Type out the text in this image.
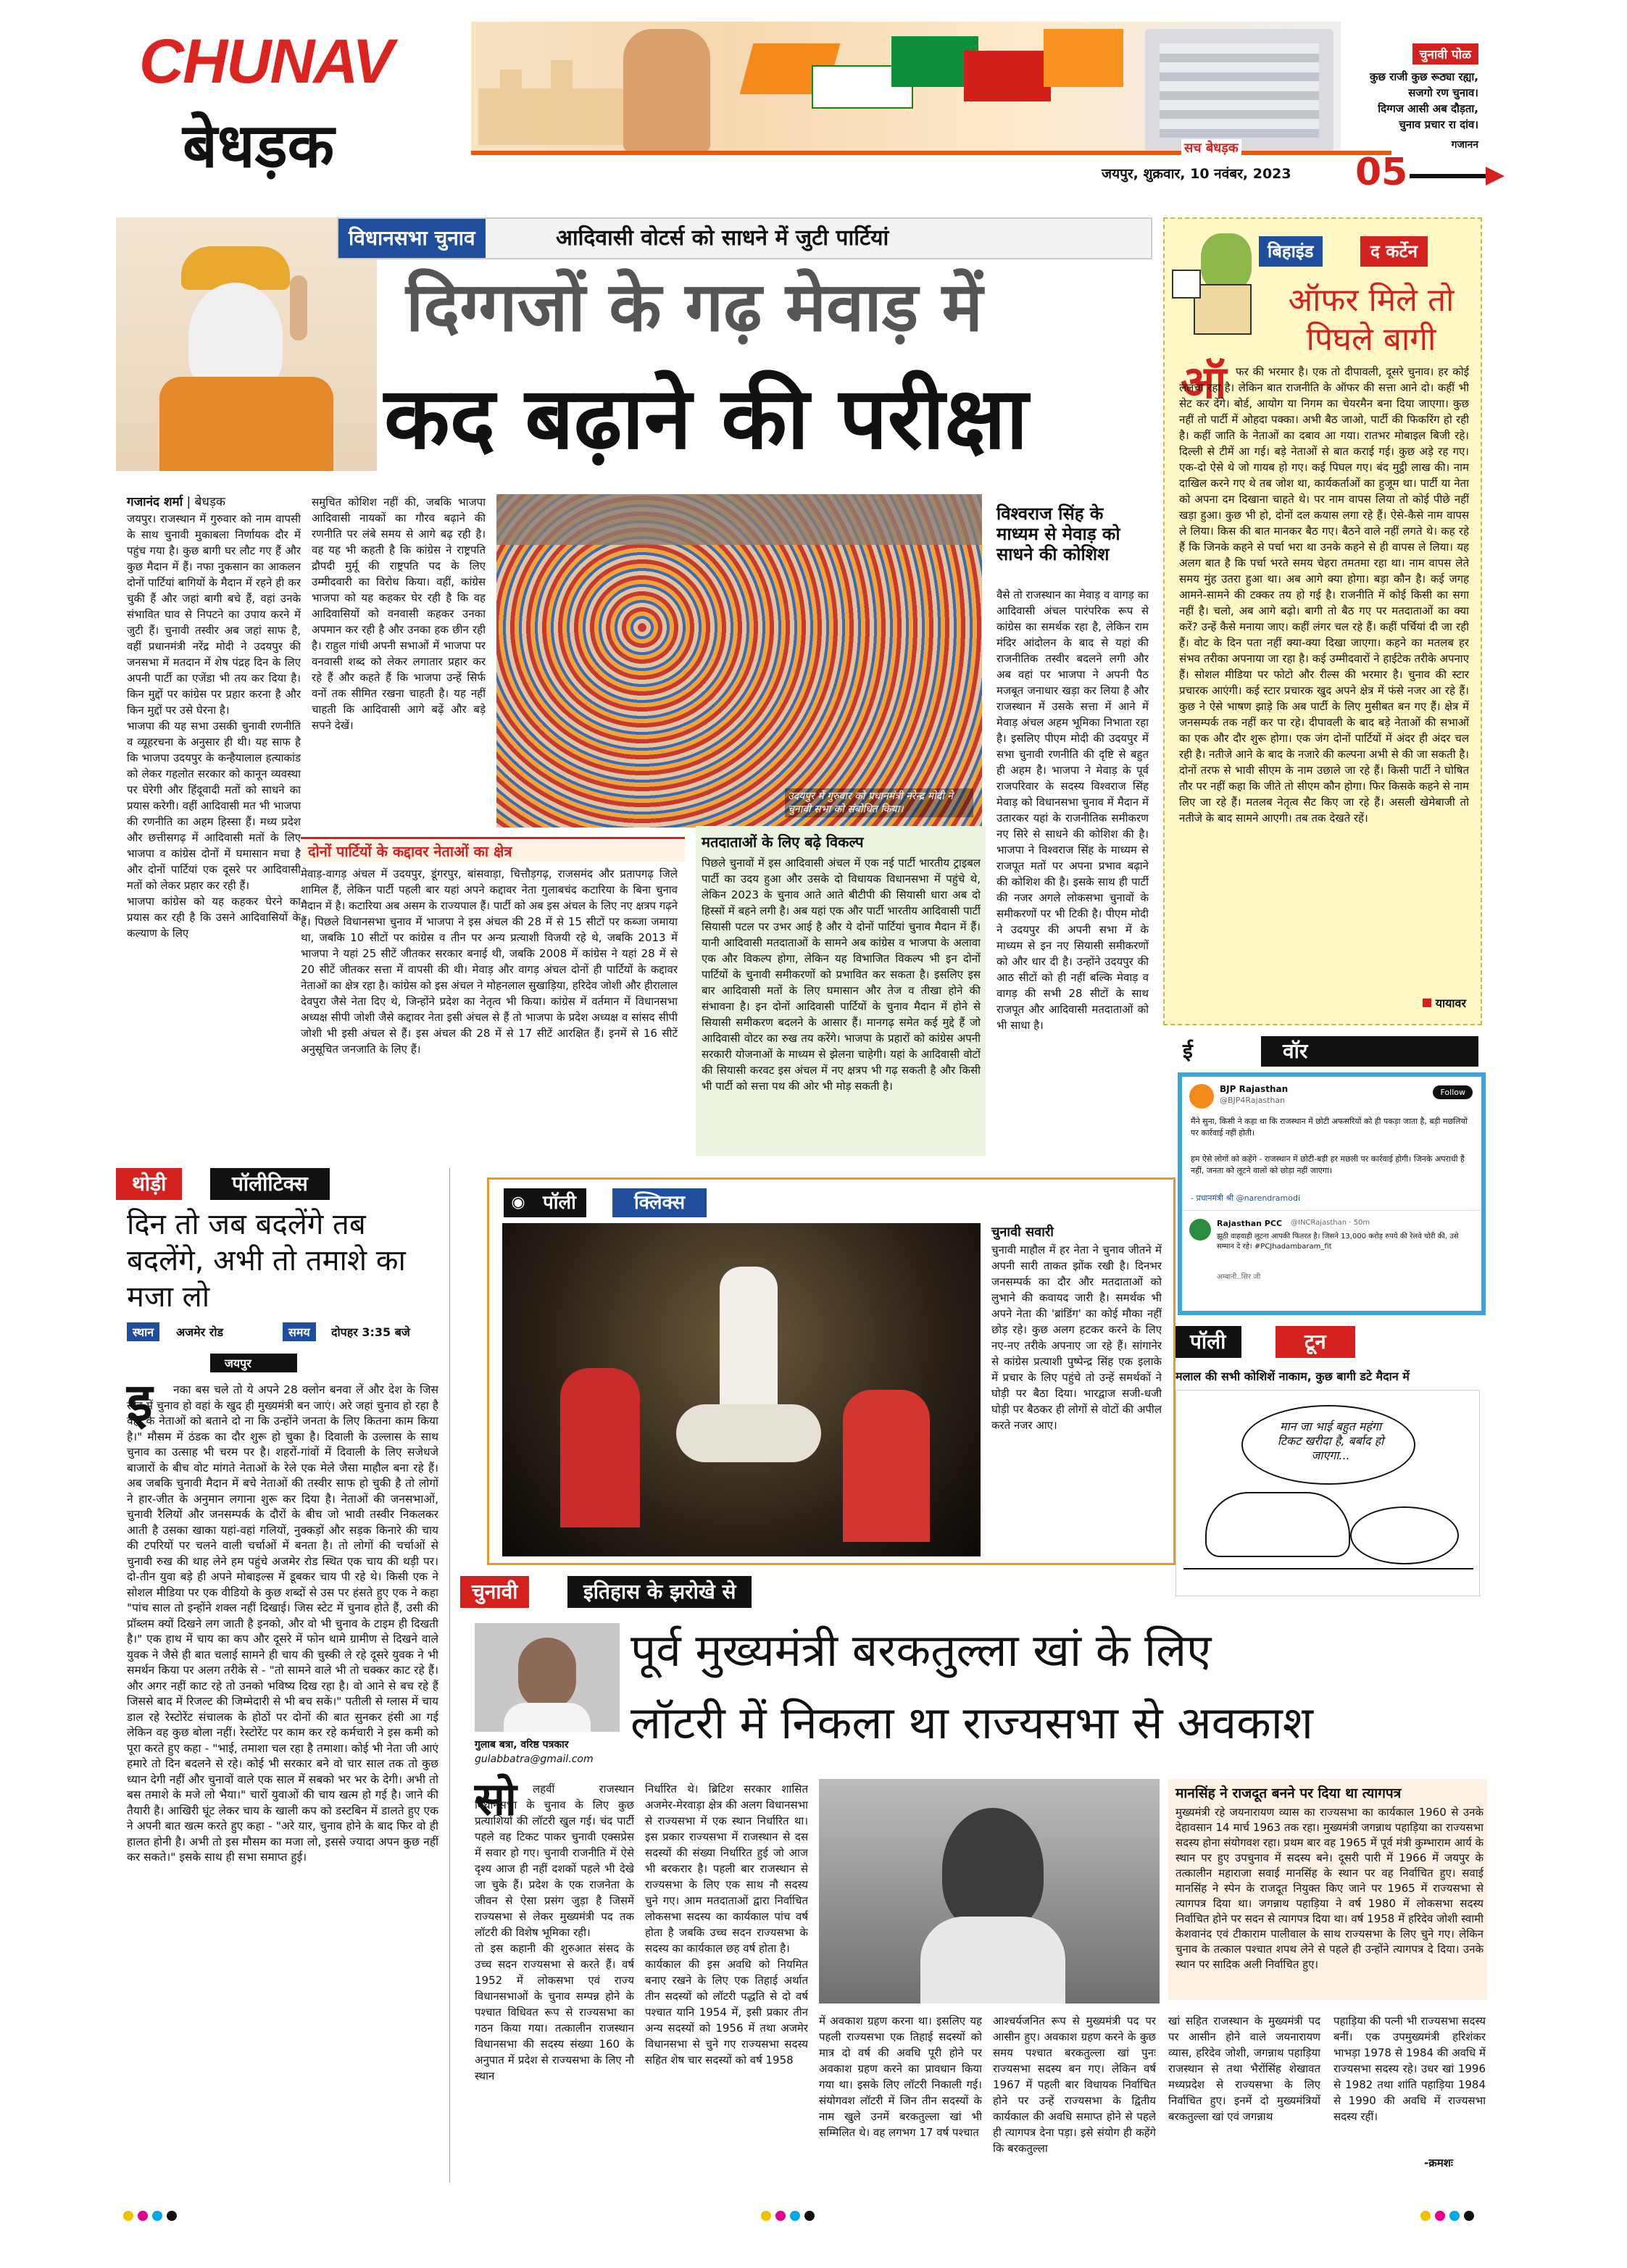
CHUNAV
बेधड़क	सच बेधड़क
जयपुर, शुक्रवार, 10 नवंबर, 2023 05
चुनावी पोळ
कुछ राजी कुछ रूठ्या रह्या,
सजगो रण चुनाव।
दिग्गज आसी अब दौड़ता,
चुनाव प्रचार रा दांव।
गजानन
विधानसभा चुनाव	आदिवासी वोटर्स को साधने में जुटी पार्टियां
दिग्गजों के गढ़ मेवाड़ में
कद बढ़ाने की परीक्षा
गजानंद शर्मा | बेधड़क
जयपुर। राजस्थान में गुरुवार को नाम वापसी के साथ चुनावी मुकाबला निर्णायक दौर में पहुंच गया है। कुछ बागी घर लौट गए हैं और कुछ मैदान में हैं। नफा नुकसान का आकलन दोनों पार्टियां बागियों के मैदान में रहने ही कर चुकी हैं और जहां बागी बचे हैं, वहां उनके संभावित घाव से निपटने का उपाय करने में जुटी हैं। चुनावी तस्वीर अब जहां साफ है, वहीं प्रधानमंत्री नरेंद्र मोदी ने उदयपुर की जनसभा में मतदान में शेष पंद्रह दिन के लिए अपनी पार्टी का एजेंडा भी तय कर दिया है। किन मुद्दों पर कांग्रेस पर प्रहार करना है और किन मुद्दों पर उसे घेरना है।
भाजपा की यह सभा उसकी चुनावी रणनीति व व्यूहरचना के अनुसार ही थी। यह साफ है कि भाजपा उदयपुर के कन्हैयालाल हत्याकांड को लेकर गहलोत सरकार को कानून व्यवस्था पर घेरेगी और हिंदूवादी मतों को साधने का प्रयास करेगी। वहीं आदिवासी मत भी भाजपा की रणनीति का अहम हिस्सा हैं। मध्य प्रदेश और छत्तीसगढ़ में आदिवासी मतों के लिए भाजपा व कांग्रेस दोनों में घमासान मचा है और दोनों पार्टियां एक दूसरे पर आदिवासी मतों को लेकर प्रहार कर रही हैं।
भाजपा कांग्रेस को यह कहकर घेरने का प्रयास कर रही है कि उसने आदिवासियों के कल्याण के लिए
समुचित कोशिश नहीं की, जबकि भाजपा आदिवासी नायकों का गौरव बढ़ाने की रणनीति पर लंबे समय से आगे बढ़ रही है। वह यह भी कहती है कि कांग्रेस ने राष्ट्रपति द्रौपदी मुर्मू की राष्ट्रपति पद के लिए उम्मीदवारी का विरोध किया। वहीं, कांग्रेस भाजपा को यह कहकर घेर रही है कि वह आदिवासियों को वनवासी कहकर उनका अपमान कर रही है और उनका हक छीन रही है। राहुल गांधी अपनी सभाओं में भाजपा पर वनवासी शब्द को लेकर लगातार प्रहार कर रहे हैं और कहते हैं कि भाजपा उन्हें सिर्फ वनों तक सीमित रखना चाहती है। यह नहीं चाहती कि आदिवासी आगे बढ़ें और बड़े सपने देखें।
उदयपुर में गुरुवार को प्रधानमंत्री नरेन्द्र मोदी ने चुनावी सभा को संबोधित किया।
विश्वराज सिंह के माध्यम से मेवाड़ को साधने की कोशिश
वैसे तो राजस्थान का मेवाड़ व वागड़ का आदिवासी अंचल पारंपरिक रूप से कांग्रेस का समर्थक रहा है, लेकिन राम मंदिर आंदोलन के बाद से यहां की राजनीतिक तस्वीर बदलने लगी और अब वहां पर भाजपा ने अपनी पैठ मजबूत जनाधार खड़ा कर लिया है और राजस्थान में उसके सत्ता में आने में मेवाड़ अंचल अहम भूमिका निभाता रहा है। इसलिए पीएम मोदी की उदयपुर में सभा चुनावी रणनीति की दृष्टि से बहुत ही अहम है। भाजपा ने मेवाड़ के पूर्व राजपरिवार के सदस्य विश्वराज सिंह मेवाड़ को विधानसभा चुनाव में मैदान में उतारकर यहां के राजनीतिक समीकरण नए सिरे से साधने की कोशिश की है। भाजपा ने विश्वराज सिंह के माध्यम से राजपूत मतों पर अपना प्रभाव बढ़ाने की कोशिश की है। इसके साथ ही पार्टी की नजर अगले लोकसभा चुनावों के समीकरणों पर भी टिकी है। पीएम मोदी ने उदयपुर की अपनी सभा में के माध्यम से इन नए सियासी समीकरणों को और धार दी है। उन्होंने उदयपुर की आठ सीटों को ही नहीं बल्कि मेवाड़ व वागड़ की सभी 28 सीटों के साथ राजपूत और आदिवासी मतदाताओं को भी साधा है।
दोनों पार्टियों के कद्दावर नेताओं का क्षेत्र
मेवाड़-वागड़ अंचल में उदयपुर, डूंगरपुर, बांसवाड़ा, चित्तौड़गढ़, राजसमंद और प्रतापगढ़ जिले शामिल हैं, लेकिन पार्टी पहली बार यहां अपने कद्दावर नेता गुलाबचंद कटारिया के बिना चुनाव मैदान में है। कटारिया अब असम के राज्यपाल हैं। पार्टी को अब इस अंचल के लिए नए क्षत्रप गढ़ने हैं। पिछले विधानसभा चुनाव में भाजपा ने इस अंचल की 28 में से 15 सीटों पर कब्जा जमाया था, जबकि 10 सीटों पर कांग्रेस व तीन पर अन्य प्रत्याशी विजयी रहे थे, जबकि 2013 में भाजपा ने यहां 25 सीटें जीतकर सरकार बनाई थी, जबकि 2008 में कांग्रेस ने यहां 28 में से 20 सीटें जीतकर सत्ता में वापसी की थी। मेवाड़ और वागड़ अंचल दोनों ही पार्टियों के कद्दावर नेताओं का क्षेत्र रहा है। कांग्रेस को इस अंचल ने मोहनलाल सुखाड़िया, हरिदेव जोशी और हीरालाल देवपुरा जैसे नेता दिए थे, जिन्होंने प्रदेश का नेतृत्व भी किया। कांग्रेस में वर्तमान में विधानसभा अध्यक्ष सीपी जोशी जैसे कद्दावर नेता इसी अंचल से हैं तो भाजपा के प्रदेश अध्यक्ष व सांसद सीपी जोशी भी इसी अंचल से हैं। इस अंचल की 28 में से 17 सीटें आरक्षित हैं। इनमें से 16 सीटें अनुसूचित जनजाति के लिए हैं।
मतदाताओं के लिए बढ़े विकल्प
पिछले चुनावों में इस आदिवासी अंचल में एक नई पार्टी भारतीय ट्राइबल पार्टी का उदय हुआ और उसके दो विधायक विधानसभा में पहुंचे थे, लेकिन 2023 के चुनाव आते आते बीटीपी की सियासी धारा अब दो हिस्सों में बहने लगी है। अब यहां एक और पार्टी भारतीय आदिवासी पार्टी सियासी पटल पर उभर आई है और ये दोनों पार्टियां चुनाव मैदान में हैं। यानी आदिवासी मतदाताओं के सामने अब कांग्रेस व भाजपा के अलावा एक और विकल्प होगा, लेकिन यह विभाजित विकल्प भी इन दोनों पार्टियों के चुनावी समीकरणों को प्रभावित कर सकता है। इसलिए इस बार आदिवासी मतों के लिए घमासान और तेज व तीखा होने की संभावना है। इन दोनों आदिवासी पार्टियों के चुनाव मैदान में होने से सियासी समीकरण बदलने के आसार हैं। मानगढ़ समेत कई मुद्दे हैं जो आदिवासी वोटर का रुख तय करेंगे। भाजपा के प्रहारों को कांग्रेस अपनी सरकारी योजनाओं के माध्यम से झेलना चाहेगी। यहां के आदिवासी वोटों की सियासी करवट इस अंचल में नए क्षत्रप भी गढ़ सकती है और किसी भी पार्टी को सत्ता पथ की ओर भी मोड़ सकती है।
बिहाइंड	द कर्टेन
ऑफर मिले तो पिघले बागी
ऑ फर की भरमार है। एक तो दीपावली, दूसरे चुनाव। हर कोई ललचा रहा है। लेकिन बात राजनीति के ऑफर की सत्ता आने दो। कहीं भी सेट कर देंगे। बोर्ड, आयोग या निगम का चेयरमैन बना दिया जाएगा। कुछ नहीं तो पार्टी में ओहदा पक्का। अभी बैठ जाओ, पार्टी की फिकरिंग हो रही है। कहीं जाति के नेताओं का दबाव आ गया। रातभर मोबाइल बिजी रहे। दिल्ली से टीमें आ गई। बड़े नेताओं से बात कराई गई। कुछ अड़े रह गए। एक-दो ऐसे थे जो गायब हो गए। कई पिघल गए। बंद मुट्ठी लाख की। नाम दाखिल करने गए थे तब जोश था, कार्यकर्ताओं का हुजूम था। पार्टी या नेता को अपना दम दिखाना चाहते थे। पर नाम वापस लिया तो कोई पीछे नहीं खड़ा हुआ। कुछ भी हो, दोनों दल कयास लगा रहे हैं। ऐसे-कैसे नाम वापस ले लिया। किस की बात मानकर बैठ गए। बैठने वाले नहीं लगते थे। कह रहे हैं कि जिनके कहने से पर्चा भरा था उनके कहने से ही वापस ले लिया। यह अलग बात है कि पर्चा भरते समय चेहरा तमतमा रहा था। नाम वापस लेते समय मुंह उतरा हुआ था। अब आगे क्या होगा। बड़ा कौन है। कई जगह आमने-सामने की टक्कर तय हो गई है। राजनीति में कोई किसी का सगा नहीं है। चलो, अब आगे बढ़ो। बागी तो बैठ गए पर मतदाताओं का क्या करें? उन्हें कैसे मनाया जाए। कहीं लंगर चल रहे हैं। कहीं पर्चियां दी जा रही हैं। वोट के दिन पता नहीं क्या-क्या दिखा जाएगा। कहने का मतलब हर संभव तरीका अपनाया जा रहा है। कई उम्मीदवारों ने हाईटेक तरीके अपनाए हैं। सोशल मीडिया पर फोटो और रील्स की भरमार है। चुनाव की स्टार प्रचारक आएंगी। कई स्टार प्रचारक खुद अपने क्षेत्र में फंसे नजर आ रहे हैं। कुछ ने ऐसे भाषण झाड़े कि अब पार्टी के लिए मुसीबत बन गए हैं। क्षेत्र में जनसम्पर्क तक नहीं कर पा रहे। दीपावली के बाद बड़े नेताओं की सभाओं का एक और दौर शुरू होगा। एक जंग दोनों पार्टियों में अंदर ही अंदर चल रही है। नतीजे आने के बाद के नजारे की कल्पना अभी से की जा सकती है। दोनों तरफ से भावी सीएम के नाम उछाले जा रहे हैं। किसी पार्टी ने घोषित तौर पर नहीं कहा कि जीते तो सीएम कौन होगा। फिर किसके कहने से नाम लिए जा रहे हैं। मतलब नेतृत्व सैट किए जा रहे हैं। असली खेमेबाजी तो नतीजे के बाद सामने आएगी। तब तक देखते रहें।
यायावर
ई	वॉर
BJP Rajasthan
@BJP4Rajasthan
Follow
मैंने सुना, किसी ने कहा था कि राजस्थान में छोटी अफसरियों को ही पकड़ा जाता है, बड़ी मछलियों पर कार्रवाई नहीं होती।
हम ऐसे लोगों को कहेंगे - राजस्थान में छोटी-बड़ी हर मछली पर कार्रवाई होगी। जिनके अपराधी हैं नहीं, जनता को लूटने वालों को छोड़ा नहीं जाएगा।
- प्रधानमंत्री श्री @narendramodi
Rajasthan PCC @INCRajasthan · 50m
झूठी वाहवाही लूटना आपकी फितरत है। जिसने 13,000 करोड़ रुपये की रेलवे चोरी की, उसे सम्मान दे रहे। #PCJhadambaram_fit
अम्बानी..सिर जी
पॉली	टून
मलाल की सभी कोशिशें नाकाम, कुछ बागी डटे मैदान में
मान जा भाई बहुत महंगा टिकट खरीदा है, बर्बाद हो जाएगा...
थोड़ी	पॉलीटिक्स
दिन तो जब बदलेंगे तब बदलेंगे, अभी तो तमाशे का मजा लो
स्थान	अजमेर रोड	समय	दोपहर 3:35 बजे
जयपुर
इ	नका बस चले तो ये अपने 28 क्लोन बनवा लें और देश के जिस स्टेट में चुनाव हो वहां के खुद ही मुख्यमंत्री बन जाएं। अरे जहां चुनाव हो रहा है वहां के नेताओं को बताने दो ना कि उन्होंने जनता के लिए कितना काम किया है।" मौसम में ठंडक का दौर शुरू हो चुका है। दिवाली के उल्लास के साथ चुनाव का उत्साह भी चरम पर है। शहरों-गांवों में दिवाली के लिए सजेधजे बाजारों के बीच वोट मांगते नेताओं के रेले एक मेले जैसा माहौल बना रहे हैं। अब जबकि चुनावी मैदान में बचे नेताओं की तस्वीर साफ हो चुकी है तो लोगों ने हार-जीत के अनुमान लगाना शुरू कर दिया है। नेताओं की जनसभाओं, चुनावी रैलियों और जनसम्पर्क के दौरों के बीच जो भावी तस्वीर निकलकर आती है उसका खाका यहां-वहां गलियों, नुक्कड़ों और सड़क किनारे की चाय की टपरियों पर चलने वाली चर्चाओं में बनता है। तो लोगों की चर्चाओं से चुनावी रुख की थाह लेने हम पहुंचे अजमेर रोड स्थित एक चाय की थड़ी पर। दो-तीन युवा बड़े ही अपने मोबाइल्स में डूबकर चाय पी रहे थे। किसी एक ने सोशल मीडिया पर एक वीडियो के कुछ शब्दों से उस पर हंसते हुए एक ने कहा "पांच साल तो इन्होंने शक्ल नहीं दिखाई। जिस स्टेट में चुनाव होते हैं, उसी की प्रॉब्लम क्यों दिखने लग जाती है इनको, और वो भी चुनाव के टाइम ही दिखती है।" एक हाथ में चाय का कप और दूसरे में फोन थामे ग्रामीण से दिखने वाले युवक ने जैसे ही बात चलाई सामने ही चाय की चुस्की ले रहे दूसरे युवक ने भी समर्थन किया पर अलग तरीके से - "तो सामने वाले भी तो चक्कर काट रहे हैं। और अगर नहीं काट रहे तो उनको भविष्य दिख रहा है। वो आने से बच रहे हैं जिससे बाद में रिजल्ट की जिम्मेदारी से भी बच सकें।" पतीली से ग्लास में चाय डाल रहे रेस्टोरेंट संचालक के होठों पर दोनों की बात सुनकर हंसी आ गई लेकिन वह कुछ बोला नहीं। रेस्टोरेंट पर काम कर रहे कर्मचारी ने इस कमी को पूरा करते हुए कहा - "भाई, तमाशा चल रहा है तमाशा। कोई भी नेता जी आएं हमारे तो दिन बदलने से रहे। कोई भी सरकार बने वो चार साल तक तो कुछ ध्यान देगी नहीं और चुनावों वाले एक साल में सबको भर भर के देगी। अभी तो बस तमाशे के मजे लो भैया।" चारों युवाओं की चाय खत्म हो गई है। जाने की तैयारी है। आखिरी घूंट लेकर चाय के खाली कप को डस्टबिन में डालते हुए एक ने अपनी बात खत्म करते हुए कहा - "अरे यार, चुनाव होने के बाद फिर वो ही हालत होनी है। अभी तो इस मौसम का मजा लो, इससे ज्यादा अपन कुछ नहीं कर सकते।" इसके साथ ही सभा समाप्त हुई।
◉ पॉली	क्लिक्स
चुनावी सवारी
चुनावी माहौल में हर नेता ने चुनाव जीतने में अपनी सारी ताकत झोंक रखी है। दिनभर जनसम्पर्क का दौर और मतदाताओं को लुभाने की कवायद जारी है। समर्थक भी अपने नेता की 'ब्रांडिंग' का कोई मौका नहीं छोड़ रहे। कुछ अलग हटकर करने के लिए नए-नए तरीके अपनाए जा रहे हैं। सांगानेर से कांग्रेस प्रत्याशी पुष्पेन्द्र सिंह एक इलाके में प्रचार के लिए पहुंचे तो उन्हें समर्थकों ने घोड़ी पर बैठा दिया। भारद्वाज सजी-धजी घोड़ी पर बैठकर ही लोगों से वोटों की अपील करते नजर आए।
चुनावी	इतिहास के झरोखे से
गुलाब बत्रा, वरिष्ठ पत्रकार
gulabbatra@gmail.com
पूर्व मुख्यमंत्री बरकतुल्ला खां के लिए
लॉटरी में निकला था राज्यसभा से अवकाश
सो	लहवीं राजस्थान विधानसभा के चुनाव के लिए कुछ प्रत्याशियों की लॉटरी खुल गई। चंद पार्टी पहले वह टिकट पाकर चुनावी एक्सप्रेस में सवार हो गए। चुनावी राजनीति में ऐसे दृश्य आज ही नहीं दशकों पहले भी देखे जा चुके हैं। प्रदेश के एक राजनेता के जीवन से ऐसा प्रसंग जुड़ा है जिसमें राज्यसभा से लेकर मुख्यमंत्री पद तक लॉटरी की विशेष भूमिका रही।
तो इस कहानी की शुरुआत संसद के उच्च सदन राज्यसभा से करते हैं। वर्ष 1952 में लोकसभा एवं राज्य विधानसभाओं के चुनाव सम्पन्न होने के पश्चात विधिवत रूप से राज्यसभा का गठन किया गया। तत्कालीन राजस्थान विधानसभा की सदस्य संख्या 160 के अनुपात में प्रदेश से राज्यसभा के लिए नौ स्थान
निर्धारित थे। ब्रिटिश सरकार शासित अजमेर-मेरवाड़ा क्षेत्र की अलग विधानसभा से राज्यसभा में एक स्थान निर्धारित था। इस प्रकार राज्यसभा में राजस्थान से दस सदस्यों की संख्या निर्धारित हुई जो आज भी बरकरार है। पहली बार राजस्थान से राज्यसभा के लिए एक साथ नौ सदस्य चुने गए। आम मतदाताओं द्वारा निर्वाचित लोकसभा सदस्य का कार्यकाल पांच वर्ष होता है जबकि उच्च सदन राज्यसभा के सदस्य का कार्यकाल छह वर्ष होता है।
कार्यकाल की इस अवधि को नियमित बनाए रखने के लिए एक तिहाई अर्थात तीन सदस्यों को लॉटरी पद्धति से दो वर्ष पश्चात यानि 1954 में, इसी प्रकार तीन अन्य सदस्यों को 1956 में तथा अजमेर विधानसभा से चुने गए राज्यसभा सदस्य सहित शेष चार सदस्यों को वर्ष 1958
में अवकाश ग्रहण करना था। इसलिए यह पहली राज्यसभा एक तिहाई सदस्यों को मात्र दो वर्ष की अवधि पूरी होने पर अवकाश ग्रहण करने का प्रावधान किया गया था। इसके लिए लॉटरी निकाली गई। संयोगवश लॉटरी में जिन तीन सदस्यों के नाम खुले उनमें बरकतुल्ला खां भी सम्मिलित थे। वह लगभग 17 वर्ष पश्चात
आश्चर्यजनित रूप से मुख्यमंत्री पद पर आसीन हुए। अवकाश ग्रहण करने के कुछ समय पश्चात बरकतुल्ला खां पुनः राज्यसभा सदस्य बन गए। लेकिन वर्ष 1967 में पहली बार विधायक निर्वाचित होने पर उन्हें राज्यसभा के द्वितीय कार्यकाल की अवधि समाप्त होने से पहले ही त्यागपत्र देना पड़ा। इसे संयोग ही कहेंगे कि बरकतुल्ला
मानसिंह ने राजदूत बनने पर दिया था त्यागपत्र
मुख्यमंत्री रहे जयनारायण व्यास का राज्यसभा का कार्यकाल 1960 से उनके देहावसान 14 मार्च 1963 तक रहा। मुख्यमंत्री जगन्नाथ पहाड़िया का राज्यसभा सदस्य होना संयोगवश रहा। प्रथम बार वह 1965 में पूर्व मंत्री कुम्भाराम आर्य के स्थान पर हुए उपचुनाव में सदस्य बने। दूसरी पारी में 1966 में जयपुर के तत्कालीन महाराजा सवाई मानसिंह के स्थान पर वह निर्वाचित हुए। सवाई मानसिंह ने स्पेन के राजदूत नियुक्त किए जाने पर 1965 में राज्यसभा से त्यागपत्र दिया था। जगन्नाथ पहाड़िया ने वर्ष 1980 में लोकसभा सदस्य निर्वाचित होने पर सदन से त्यागपत्र दिया था। वर्ष 1958 में हरिदेव जोशी स्वामी केशवानंद एवं टीकाराम पालीवाल के साथ राज्यसभा के लिए चुने गए। लेकिन चुनाव के तत्काल पश्चात शपथ लेने से पहले ही उन्होंने त्यागपत्र दे दिया। उनके स्थान पर सादिक अली निर्वाचित हुए।
खां सहित राजस्थान के मुख्यमंत्री पद पर आसीन होने वाले जयनारायण व्यास, हरिदेव जोशी, जगन्नाथ पहाड़िया राजस्थान से तथा भैरोंसिंह शेखावत मध्यप्रदेश से राज्यसभा के लिए निर्वाचित हुए। इनमें दो मुख्यमंत्रियों बरकतुल्ला खां एवं जगन्नाथ
पहाड़िया की पत्नी भी राज्यसभा सदस्य बनीं। एक उपमुख्यमंत्री हरिशंकर भाभड़ा 1978 से 1984 की अवधि में राज्यसभा सदस्य रहे। उधर खां 1996 से 1982 तथा शांति पहाड़िया 1984 से 1990 की अवधि में राज्यसभा सदस्य रहीं।
-क्रमशः
